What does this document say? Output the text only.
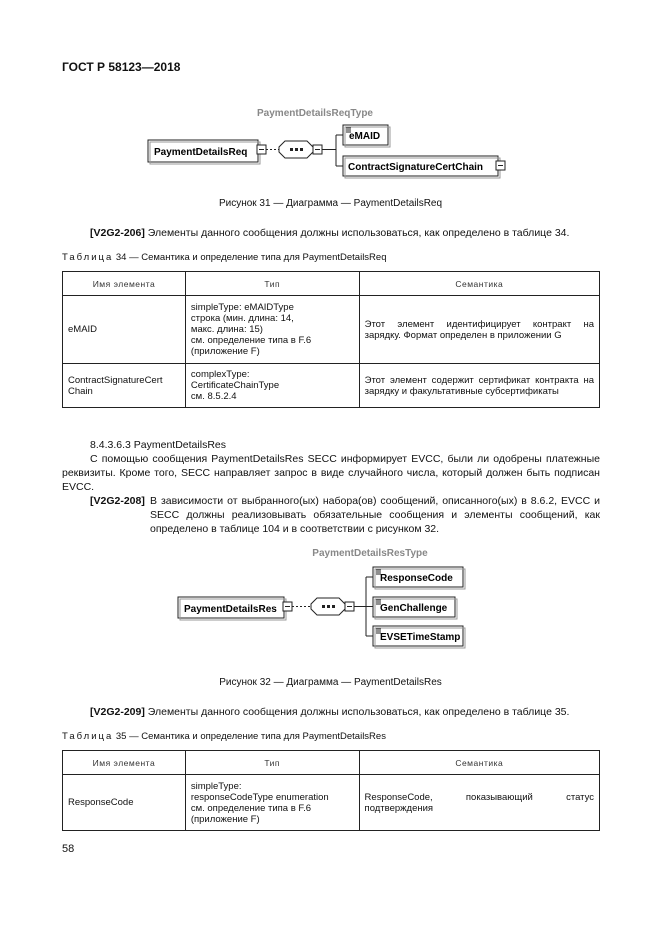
ГОСТ Р 58123—2018
PaymentDetailsReqType
PaymentDetailsReq
eMAID
ContractSignatureCertChain
Рисунок 31 — Диаграмма — PaymentDetailsReq
[V2G2-206] Элементы данного сообщения должны использоваться, как определено в таблице 34.
Таблица 34 — Семантика и определение типа для PaymentDetailsReq
Имя элемента	Тип	Семантика
eMAID	simpleType: eMAIDType
строка (мин. длина: 14,
макс. длина: 15)
см. определение типа в F.6
(приложение F)	Этот элемент идентифицирует контракт на зарядку. Формат определен в приложении G
ContractSignatureCert
Chain	complexType:
CertificateChainType
см. 8.5.2.4	Этот элемент содержит сертификат контракта на зарядку и факультативные субсертификаты
8.4.3.6.3 PaymentDetailsRes
С помощью сообщения PaymentDetailsRes SECC информирует EVCC, были ли одобрены платежные реквизиты. Кроме того, SECC направляет запрос в виде случайного числа, который должен быть подписан EVCC.
[V2G2-208] В зависимости от выбранного(ых) набора(ов) сообщений, описанного(ых) в 8.6.2, EVCC и SECC должны реализовывать обязательные сообщения и элементы сообщений, как определено в таблице 104 и в соответствии с рисунком 32.
PaymentDetailsResType
PaymentDetailsRes
ResponseCode
GenChallenge
EVSETimeStamp
Рисунок 32 — Диаграмма — PaymentDetailsRes
[V2G2-209] Элементы данного сообщения должны использоваться, как определено в таблице 35.
Таблица 35 — Семантика и определение типа для PaymentDetailsRes
Имя элемента	Тип	Семантика
ResponseCode	simpleType:
responseCodeType enumeration
см. определение типа в F.6
(приложение F)	ResponseCode, показывающий статус подтверждения
58
